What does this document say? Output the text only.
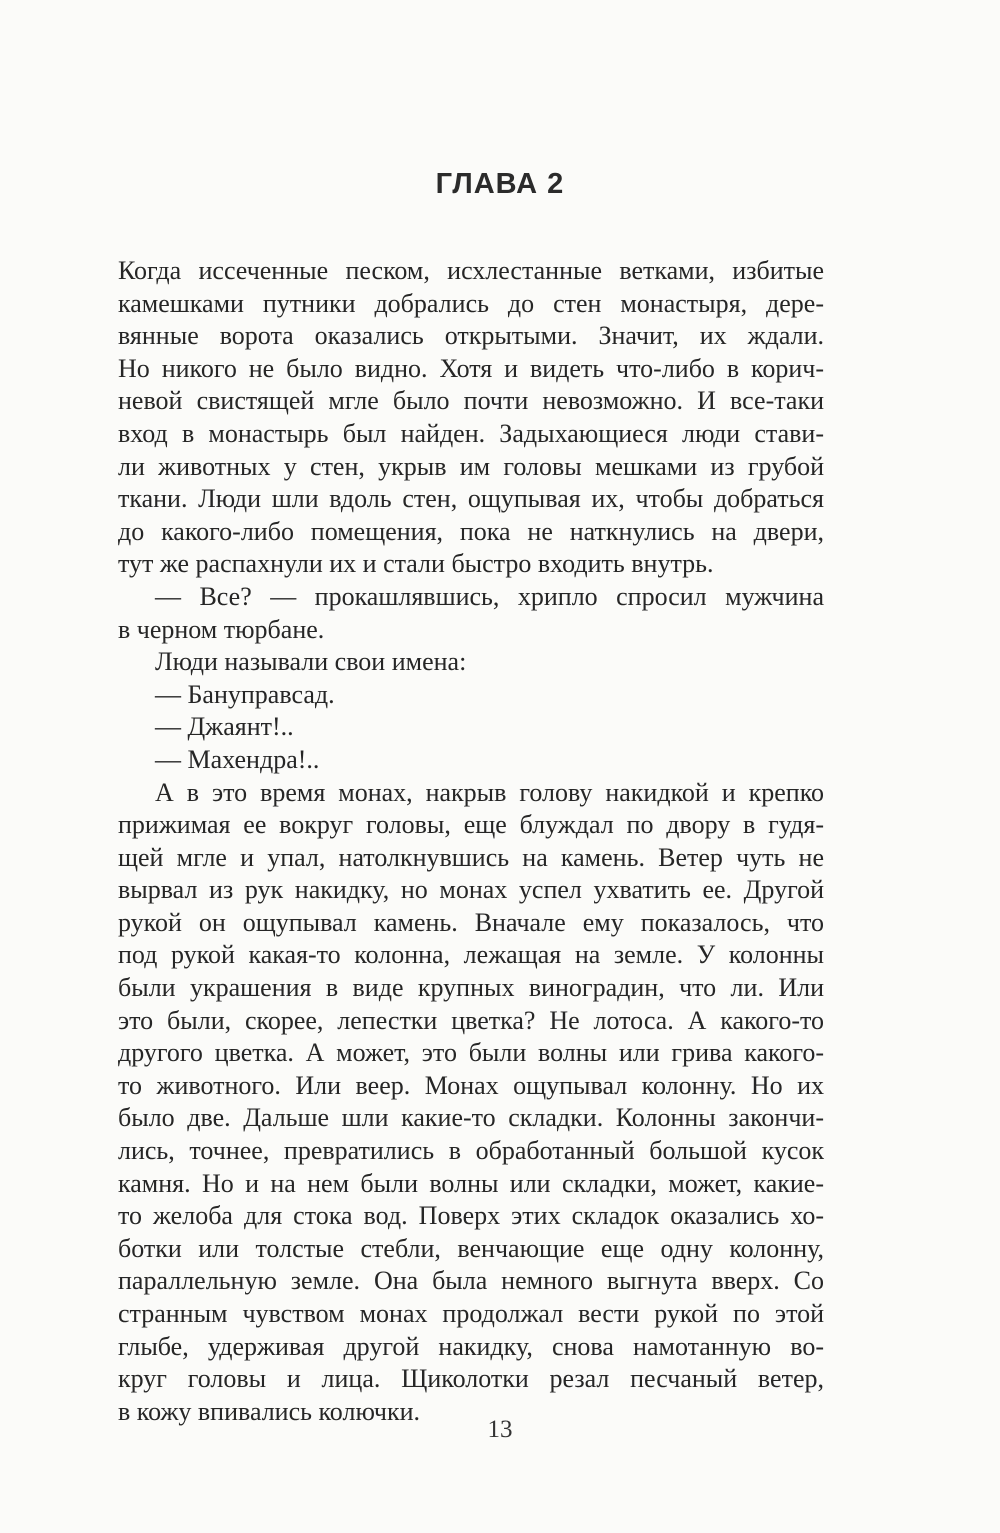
ГЛАВА 2
Когда иссеченные песком, исхлестанные ветками, избитые
камешками путники добрались до стен монастыря, дере-
вянные ворота оказались открытыми. Значит, их ждали.
Но никого не было видно. Хотя и видеть что-либо в корич-
невой свистящей мгле было почти невозможно. И все-таки
вход в монастырь был найден. Задыхающиеся люди стави-
ли животных у стен, укрыв им головы мешками из грубой
ткани. Люди шли вдоль стен, ощупывая их, чтобы добраться
до какого-либо помещения, пока не наткнулись на двери,
тут же распахнули их и стали быстро входить внутрь.
— Все? — прокашлявшись, хрипло спросил мужчина
в черном тюрбане.
Люди называли свои имена:
— Бануправсад.
— Джаянт!..
— Махендра!..
А в это время монах, накрыв голову накидкой и крепко
прижимая ее вокруг головы, еще блуждал по двору в гудя-
щей мгле и упал, натолкнувшись на камень. Ветер чуть не
вырвал из рук накидку, но монах успел ухватить ее. Другой
рукой он ощупывал камень. Вначале ему показалось, что
под рукой какая-то колонна, лежащая на земле. У колонны
были украшения в виде крупных виноградин, что ли. Или
это были, скорее, лепестки цветка? Не лотоса. А какого-то
другого цветка. А может, это были волны или грива какого-
то животного. Или веер. Монах ощупывал колонну. Но их
было две. Дальше шли какие-то складки. Колонны закончи-
лись, точнее, превратились в обработанный большой кусок
камня. Но и на нем были волны или складки, может, какие-
то желоба для стока вод. Поверх этих складок оказались хо-
ботки или толстые стебли, венчающие еще одну колонну,
параллельную земле. Она была немного выгнута вверх. Со
странным чувством монах продолжал вести рукой по этой
глыбе, удерживая другой накидку, снова намотанную во-
круг головы и лица. Щиколотки резал песчаный ветер,
в кожу впивались колючки.
13
